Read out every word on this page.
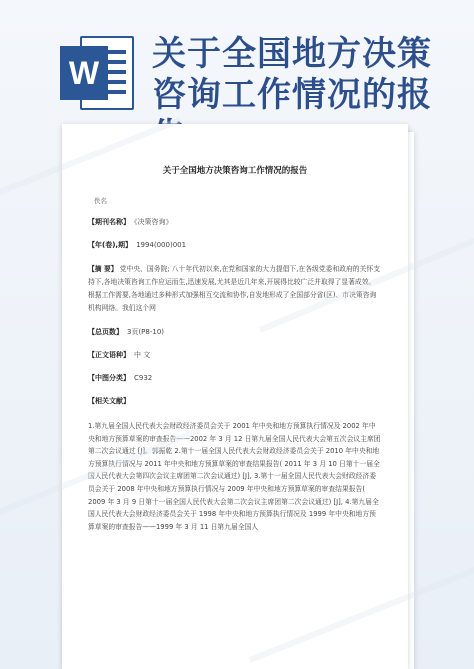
W 关于全国地方决策咨询工作情况的报
关于全国地方决策咨询工作情况的报告
佚名
【期刊名称】 《决策咨询》
【年(卷),期】 1994(000)001
【摘 要】 党中央、国务院; 八十年代初以来,在党和国家的大力提倡下,在各级党委和政府的关怀支持下,各地决策咨询工作应运而生,迅速发展,尤其是近几年来,开展得比较广泛并取得了显著成效。根据工作需要,各地通过多种形式加强相互交流和协作,自发地形成了全国部分省(区)、市决策咨询机构网络。我们这个网
【总页数】 3页(P8-10)
【正文语种】 中 文
【中图分类】 C932
【相关文献】
1.第九届全国人民代表大会财政经济委员会关于 2001 年中央和地方预算执行情况及 2002 年中央和地方预算草案的审查报告——2002 年 3 月 12 日第九届全国人民代表大会第五次会议主席团第二次会议通过 [J]。郭振乾 2.第十一届全国人民代表大会财政经济委员会关于 2010 年中央和地方预算执行情况与 2011 年中央和地方预算草案的审查结果报告( 2011 年 3 月 10 日第十一届全国人民代表大会第四次会议主席团第二次会议通过) [J], 3.第十一届全国人民代表大会财政经济委员会关于 2008 年中央和地方预算执行情况与 2009 年中央和地方预算草案的审查结果报告( 2009 年 3 月 9 日第十一届全国人民代表大会第二次会议主席团第二次会议通过) [J], 4.第九届全国人民代表大会财政经济委员会关于 1998 年中央和地方预算执行情况及 1999 年中央和地方预算草案的审查报告——1999 年 3 月 11 日第九届全国人
